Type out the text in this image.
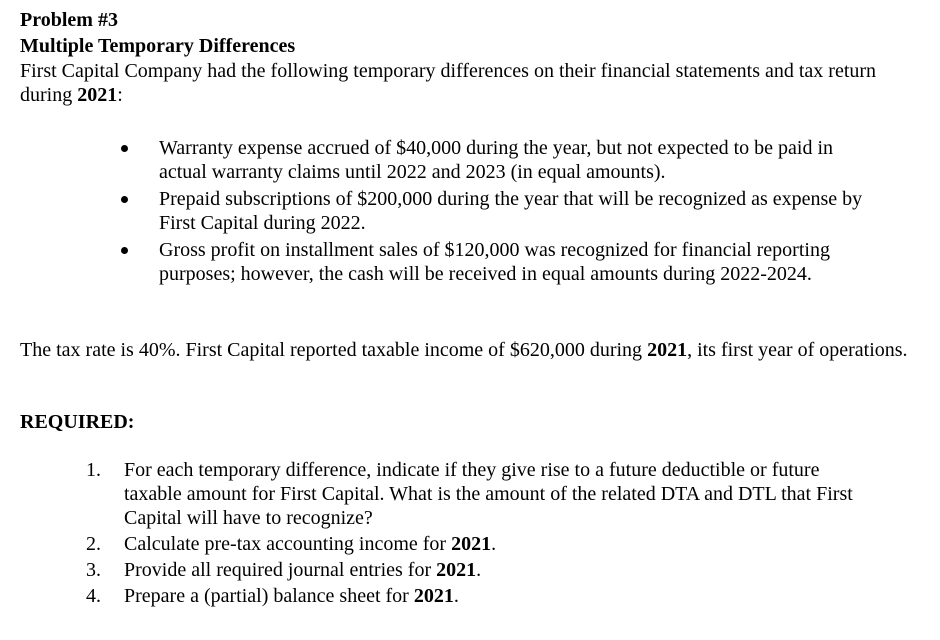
Problem #3
Multiple Temporary Differences
First Capital Company had the following temporary differences on their financial statements and tax return during 2021:
Warranty expense accrued of $40,000 during the year, but not expected to be paid in actual warranty claims until 2022 and 2023 (in equal amounts).
Prepaid subscriptions of $200,000 during the year that will be recognized as expense by First Capital during 2022.
Gross profit on installment sales of $120,000 was recognized for financial reporting purposes; however, the cash will be received in equal amounts during 2022-2024.
The tax rate is 40%. First Capital reported taxable income of $620,000 during 2021, its first year of operations.
REQUIRED:
1. For each temporary difference, indicate if they give rise to a future deductible or future taxable amount for First Capital. What is the amount of the related DTA and DTL that First Capital will have to recognize?
2. Calculate pre-tax accounting income for 2021.
3. Provide all required journal entries for 2021.
4. Prepare a (partial) balance sheet for 2021.
